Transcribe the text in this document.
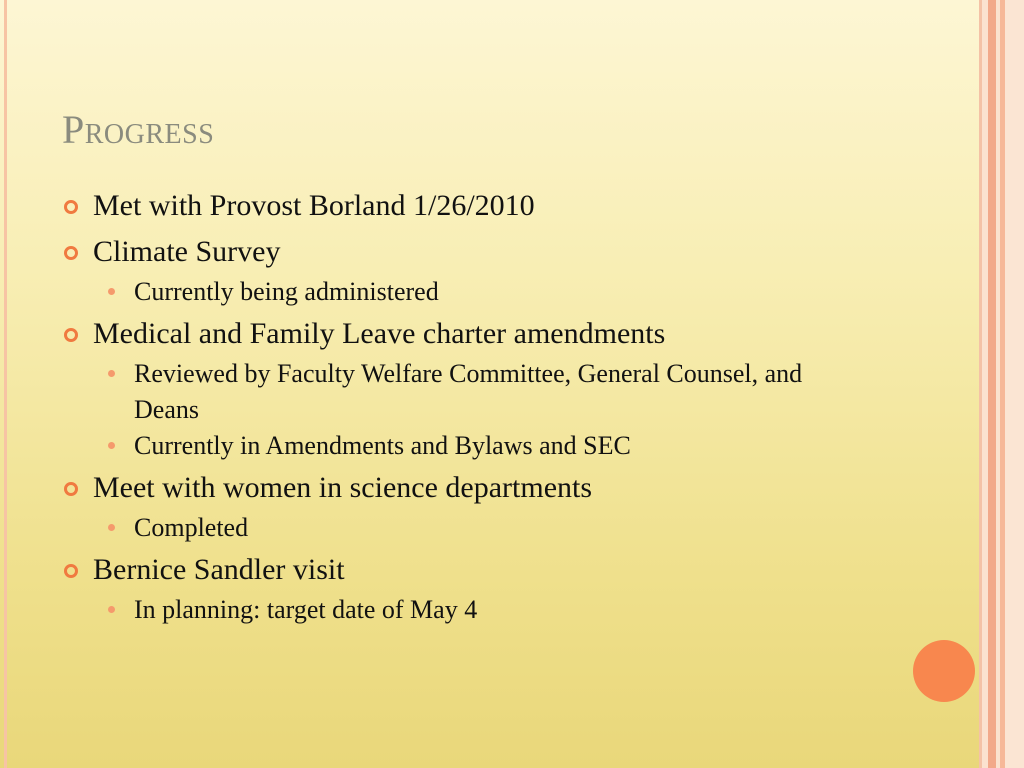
Progress
Met with Provost Borland 1/26/2010
Climate Survey
Currently being administered
Medical and Family Leave charter amendments
Reviewed by Faculty Welfare Committee, General Counsel, and Deans
Currently in Amendments and Bylaws and SEC
Meet with women in science departments
Completed
Bernice Sandler visit
In planning: target date of May 4
